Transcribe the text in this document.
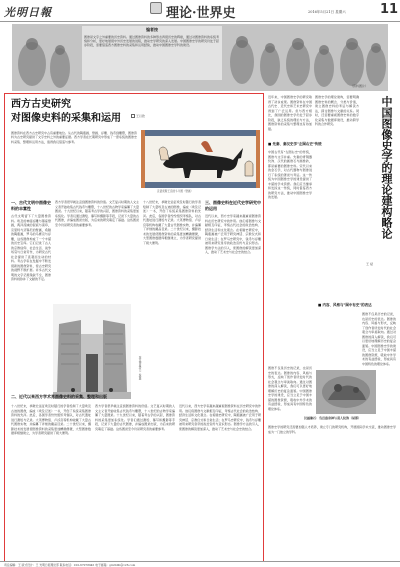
光明日報	理论·世界史	2016年5月21日 星期六	11
编者按
图像是文字之外重要的历史资料。通过图像资料的多种形态再现历史的辉煌，通过对图像资料的系统考察和分析，更好地展现中外历史发展的进程，推动史学研究的深入发展。中国图像史学的研究仍处于起步阶段，需要借鉴西方图像史料的采集和运用经验，推动中国图像史学科的建设。
（资料图片）
西方古史研究
对图像史料的采集和运用	王以欣
图像资料在西方古史研究中占有重要地位。从古代的陶瓶画、壁画、浮雕、钱币到雕塑，图像资料为古史研究提供了文字史料之外的重要证据。西方学者在长期研究中形成了一套系统的图像史料采集、整理和运用方法，值得我们借鉴与参考。
克诺索斯王宫的斗牛图（壁画）
一、古代文明中图像史料的丰富性
古代文明留下了大量图像资料。埃及的神庙浮雕与墓室壁画，两河流域的泥板与滚印，克里特与迈锡尼的壁画，希腊的陶瓶画，罗马的马赛克与浮雕，这些图像构成了一个丰富的历史宝库。它们记录了古人的宗教信仰、社会生活、战争场景与日常劳作，为研究古代社会提供了直观而生动的材料。考古学家在发掘中不断发现新的图像资料，使古史研究的视野不断扩展。许多古代文明的文字记载残缺不全，图像资料则弥补了文献的不足。
西方学者很早就注意到图像资料的价值。文艺复兴时期的人文主义者开始收集古代钱币与雕塑，十八世纪的古物学家编纂了大量图录。十九世纪以来，随着考古学的兴起，图像资料的采集更加系统化。学者们通过测绘、摹写和摄影等手段，记录下大量的古代图像，并编成图录出版，为后来的研究奠定了基础。这些图录至今仍是研究者的重要参考。
十八世纪末，拿破仑远征埃及时随行的学者绘制了大量埃及古迹的图像，编成《埃及记述》一书，开创了系统采集图像资料的先河。此后，各国学者纷纷组织考察队，对古代遗址进行测绘与记录。大英博物馆、卢浮宫等机构收藏了大量古代图像实物，并编纂了详细的藏品目录。二十世纪以来，摄影技术的发展使图像资料的采集更加精确便捷，大型图像数据库相继建立，为学者研究提供了极大便利。
三、图像史料在近代史学研究中的运用
近代以来，西方史学家越来越重视图像资料在历史研究中的作用。他们将图像与文献相互印证，考察古代社会的政治结构、经济生活和文化观念。在希腊史研究中，陶瓶画被广泛用于研究神话、宗教仪式和日常生活；在罗马史研究中，钱币与浮雕被用来研究皇帝的政治宣传与意识形态。图像学方法的引入，使图像的解读更加深入，推动了艺术史与社会史的结合。
埃及神庙塔门（版画）
二、近代以来西方学术界图像史料的采集、整理和出版
十八世纪末，拿破仑远征埃及时随行的学者绘制了大量埃及古迹的图像，编成《埃及记述》一书，开创了系统采集图像资料的先河。此后，各国学者纷纷组织考察队，对古代遗址进行测绘与记录。大英博物馆、卢浮宫等机构收藏了大量古代图像实物，并编纂了详细的藏品目录。二十世纪以来，摄影技术的发展使图像资料的采集更加精确便捷，大型图像数据库相继建立，为学者研究提供了极大便利。
西方学者很早就注意到图像资料的价值。文艺复兴时期的人文主义者开始收集古代钱币与雕塑，十八世纪的古物学家编纂了大量图录。十九世纪以来，随着考古学的兴起，图像资料的采集更加系统化。学者们通过测绘、摹写和摄影等手段，记录下大量的古代图像，并编成图录出版，为后来的研究奠定了基础。这些图录至今仍是研究者的重要参考。
近代以来，西方史学家越来越重视图像资料在历史研究中的作用。他们将图像与文献相互印证，考察古代社会的政治结构、经济生活和文化观念。在希腊史研究中，陶瓶画被广泛用于研究神话、宗教仪式和日常生活；在罗马史研究中，钱币与浮雕被用来研究皇帝的政治宣传与意识形态。图像学方法的引入，使图像的解读更加深入，推动了艺术史与社会史的结合。
近年来，中国图像史学的研究取得了初步成果。图像资料在中国古代史、近代史和艺术史研究中得到了广泛运用。但与西方相比，我国的图像史学仍处于起步阶段，缺乏系统的理论与方法，图像资料的采集与整理也有待加强。
■ 先秦、秦汉史学"左图右史"传统
中国古代有"左图右史"的传统，图像与文字并重。先秦的青铜器纹饰、汉代的画像石与画像砖，都是重要的图像史料。宋代以来的金石学，对古代器物与图像进行了系统的著录与考证。这一传统为中国图像史学的建设提供了丰富的学术资源。我们应当继承和发扬这一传统，同时借鉴西方的研究方法，推动中国图像史学的发展。
图像史学的理论建构，需要明确图像史料的概念、分类与价值，建立图像史料的考证与解读方法，探讨图像与文献的关系。同时，还需要重视图像史料的数字化采集与数据库建设，推动跨学科的合作研究。	中国图像史学的理论建构略论
王 斌
■ 内容、风格与"图中有史"的表达
图像不仅是历史的记录，也是历史的表达。图像的内容、风格与形式，反映了创作者所处时代的社会观念与审美取向。通过对图像的深入解读，我们可以更好地理解历史的复杂面貌。中国图像史学的建设，应当立足于中国丰富的图像资源，吸收中外学术的有益经验，形成具有中国特色的理论体系。
汉画像石：鸟首兽身神与羽人纹饰（局部）
图像不仅是历史的记录，也是历史的表达。图像的内容、风格与形式，反映了创作者所处时代的社会观念与审美取向。通过对图像的深入解读，我们可以更好地理解历史的复杂面貌。中国图像史学的建设，应当立足于中国丰富的图像资源，吸收中外学术的有益经验，形成具有中国特色的理论体系。
图像史学的研究还需要加强人才培养，建立专门的研究机构，开展国际学术交流，推动图像史学成为一门独立的学科。
责任编辑：王 版式设计：王 光明日报理论部 联系电话：010-67078945 电子邮箱：gmrbllb@126.com
